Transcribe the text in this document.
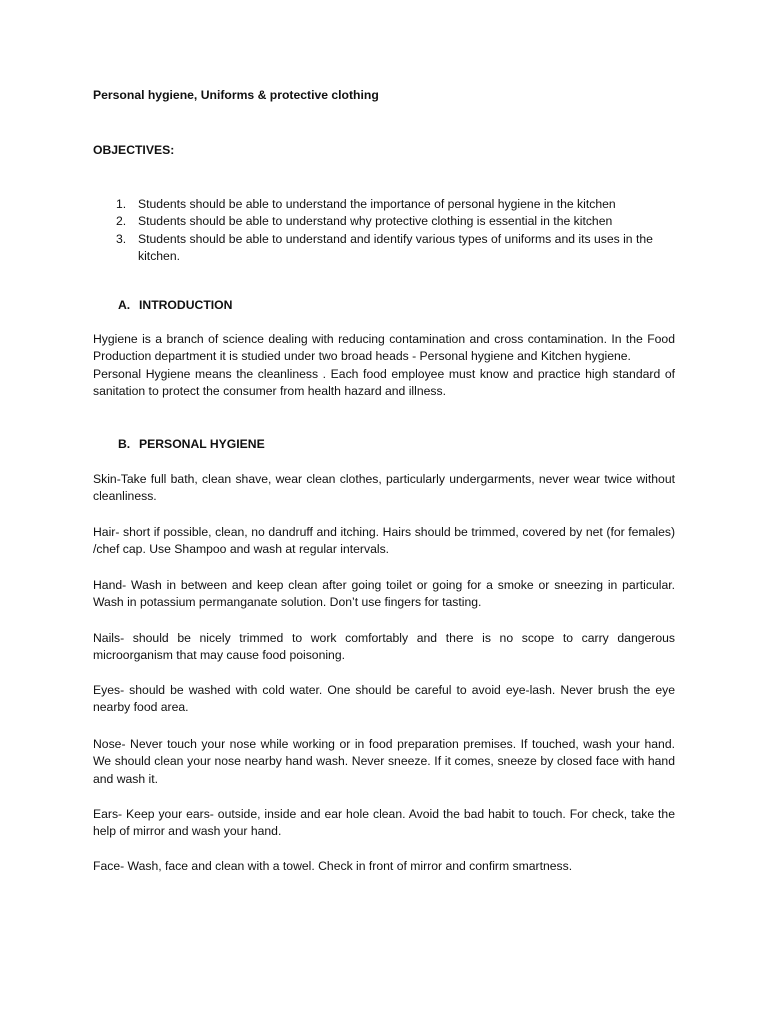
Personal hygiene, Uniforms & protective clothing
OBJECTIVES:
1. Students should be able to understand the importance of personal hygiene in the kitchen
2. Students should be able to understand why protective clothing is essential in the kitchen
3. Students should be able to understand and identify various types of uniforms and its uses in the kitchen.
A. INTRODUCTION

Hygiene is a branch of science dealing with reducing contamination and cross contamination. In the Food Production department it is studied under two broad heads - Personal hygiene and Kitchen hygiene.

Personal Hygiene means the cleanliness . Each food employee must know and practice high standard of sanitation to protect the consumer from health hazard and illness.

B. PERSONAL HYGIENE

Skin-Take full bath, clean shave, wear clean clothes, particularly undergarments, never wear twice without cleanliness.

Hair- short if possible, clean, no dandruff and itching. Hairs should be trimmed, covered by net (for females) /chef cap. Use Shampoo and wash at regular intervals.

Hand- Wash in between and keep clean after going toilet or going for a smoke or sneezing in particular. Wash in potassium permanganate solution. Don’t use fingers for tasting.

Nails- should be nicely trimmed to work comfortably and there is no scope to carry dangerous microorganism that may cause food poisoning.

Eyes- should be washed with cold water. One should be careful to avoid eye-lash. Never brush the eye nearby food area.

Nose- Never touch your nose while working or in food preparation premises. If touched, wash your hand. We should clean your nose nearby hand wash. Never sneeze. If it comes, sneeze by closed face with hand and wash it.

Ears- Keep your ears- outside, inside and ear hole clean. Avoid the bad habit to touch. For check, take the help of mirror and wash your hand.

Face- Wash, face and clean with a towel. Check in front of mirror and confirm smartness.
